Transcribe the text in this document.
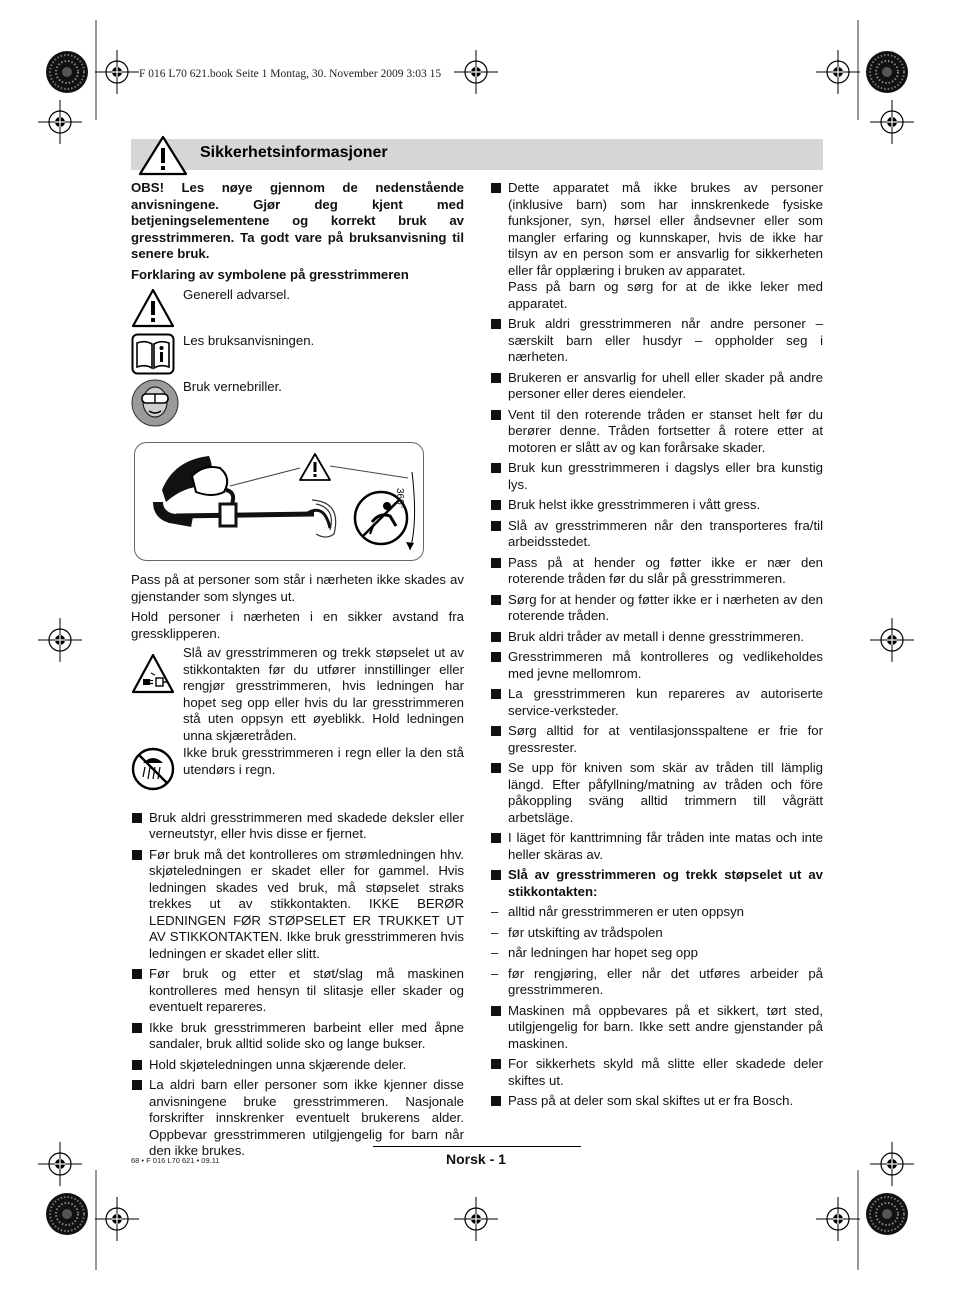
F 016 L70 621.book Seite 1 Montag, 30. November 2009 3:03 15
Sikkerhetsinformasjoner

OBS! Les nøye gjennom de nedenstående anvisningene. Gjør deg kjent med betjeningselementene og korrekt bruk av gresstrimmeren. Ta godt vare på bruksanvisning til senere bruk.

Forklaring av symbolene på gresstrimmeren

Generell advarsel.
Les bruksanvisningen.
Bruk vernebriller.
360°

Pass på at personer som står i nærheten ikke skades av gjenstander som slynges ut.

Hold personer i nærheten i en sikker avstand fra gressklipperen.

Slå av gresstrimmeren og trekk støpselet ut av stikkontakten før du utfører innstillinger eller rengjør gresstrimmeren, hvis ledningen har hopet seg opp eller hvis du lar gresstrimmeren stå uten oppsyn ett øyeblikk. Hold ledningen unna skjæretråden.
Ikke bruk gresstrimmeren i regn eller la den stå utendørs i regn.
Bruk aldri gresstrimmeren med skadede deksler eller verneutstyr, eller hvis disse er fjernet.
Før bruk må det kontrolleres om strømledningen hhv. skjøteledningen er skadet eller for gammel. Hvis ledningen skades ved bruk, må støpselet straks trekkes ut av stikkontakten. IKKE BERØR LEDNINGEN FØR STØPSELET ER TRUKKET UT AV STIKKONTAKTEN. Ikke bruk gresstrimmeren hvis ledningen er skadet eller slitt.
Før bruk og etter et støt/slag må maskinen kontrolleres med hensyn til slitasje eller skader og eventuelt repareres.
Ikke bruk gresstrimmeren barbeint eller med åpne sandaler, bruk alltid solide sko og lange bukser.
Hold skjøteledningen unna skjærende deler.
La aldri barn eller personer som ikke kjenner disse anvisningene bruke gresstrimmeren. Nasjonale forskrifter innskrenker eventuelt brukerens alder. Oppbevar gresstrimmeren utilgjengelig for barn når den ikke brukes.
Dette apparatet må ikke brukes av personer (inklusive barn) som har innskrenkede fysiske funksjoner, syn, hørsel eller åndsevner eller som mangler erfaring og kunnskaper, hvis de ikke har tilsyn av en person som er ansvarlig for sikkerheten eller får opplæring i bruken av apparatet.
Pass på barn og sørg for at de ikke leker med apparatet.
Bruk aldri gresstrimmeren når andre personer – særskilt barn eller husdyr – oppholder seg i nærheten.
Brukeren er ansvarlig for uhell eller skader på andre personer eller deres eiendeler.
Vent til den roterende tråden er stanset helt før du berører denne. Tråden fortsetter å rotere etter at motoren er slått av og kan forårsake skader.
Bruk kun gresstrimmeren i dagslys eller bra kunstig lys.
Bruk helst ikke gresstrimmeren i vått gress.
Slå av gresstrimmeren når den transporteres fra/til arbeidsstedet.
Pass på at hender og føtter ikke er nær den roterende tråden før du slår på gresstrimmeren.
Sørg for at hender og føtter ikke er i nærheten av den roterende tråden.
Bruk aldri tråder av metall i denne gresstrimmeren.
Gresstrimmeren må kontrolleres og vedlikeholdes med jevne mellomrom.
La gresstrimmeren kun repareres av autoriserte service-verksteder.
Sørg alltid for at ventilasjonsspaltene er frie for gressrester.
Se upp för kniven som skär av tråden till lämplig längd. Efter påfyllning/matning av tråden och före påkoppling sväng alltid trimmern till vågrätt arbetsläge.
I läget för kanttrimning får tråden inte matas och inte heller skäras av.
Slå av gresstrimmeren og trekk støpselet ut av stikkontakten:
– alltid når gresstrimmeren er uten oppsyn
– før utskifting av trådspolen
– når ledningen har hopet seg opp
– før rengjøring, eller når det utføres arbeider på gresstrimmeren.
Maskinen må oppbevares på et sikkert, tørt sted, utilgjengelig for barn. Ikke sett andre gjenstander på maskinen.
For sikkerhets skyld må slitte eller skadede deler skiftes ut.
Pass på at deler som skal skiftes ut er fra Bosch.
68 • F 016 L70 621 • 09.11	Norsk - 1
